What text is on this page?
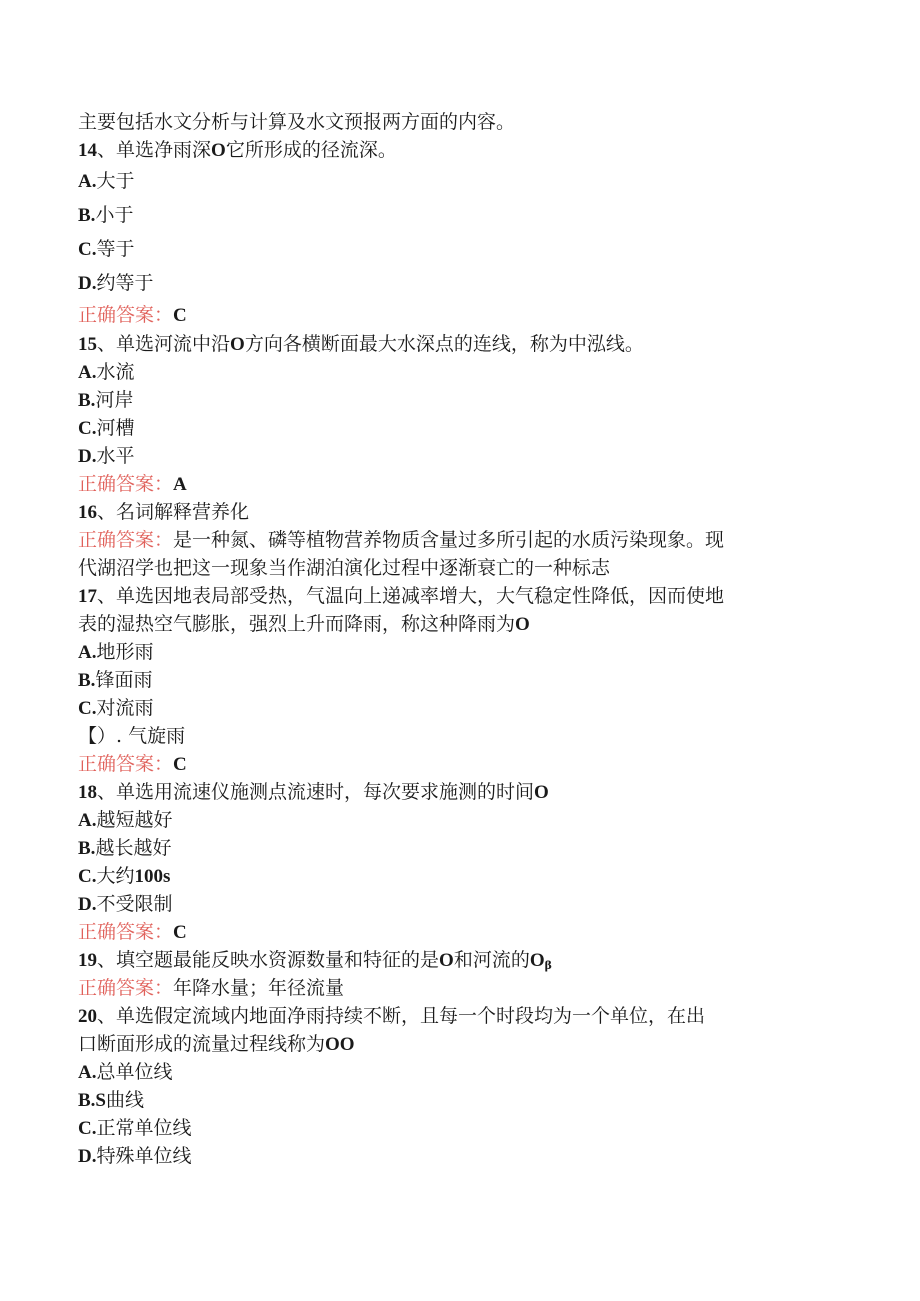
主要包括水文分析与计算及水文预报两方面的内容。
14、单选净雨深O它所形成的径流深。
A.大于
B.小于
C.等于
D.约等于
正确答案：C
15、单选河流中沿O方向各横断面最大水深点的连线，称为中泓线。
A.水流
B.河岸
C.河槽
D.水平
正确答案：A
16、名词解释营养化
正确答案：是一种氮、磷等植物营养物质含量过多所引起的水质污染现象。现
代湖沼学也把这一现象当作湖泊演化过程中逐渐衰亡的一种标志
17、单选因地表局部受热，气温向上递减率增大，大气稳定性降低，因而使地
表的湿热空气膨胀，强烈上升而降雨，称这种降雨为O
A.地形雨
B.锋面雨
C.对流雨
【）. 气旋雨
正确答案：C
18、单选用流速仪施测点流速时，每次要求施测的时间O
A.越短越好
B.越长越好
C.大约100s
D.不受限制
正确答案：C
19、填空题最能反映水资源数量和特征的是O和河流的$O_\beta$
正确答案：年降水量；年径流量
20、单选假定流域内地面净雨持续不断，且每一个时段均为一个单位，在出
口断面形成的流量过程线称为OO
A.总单位线
B.S曲线
C.正常单位线
D.特殊单位线
